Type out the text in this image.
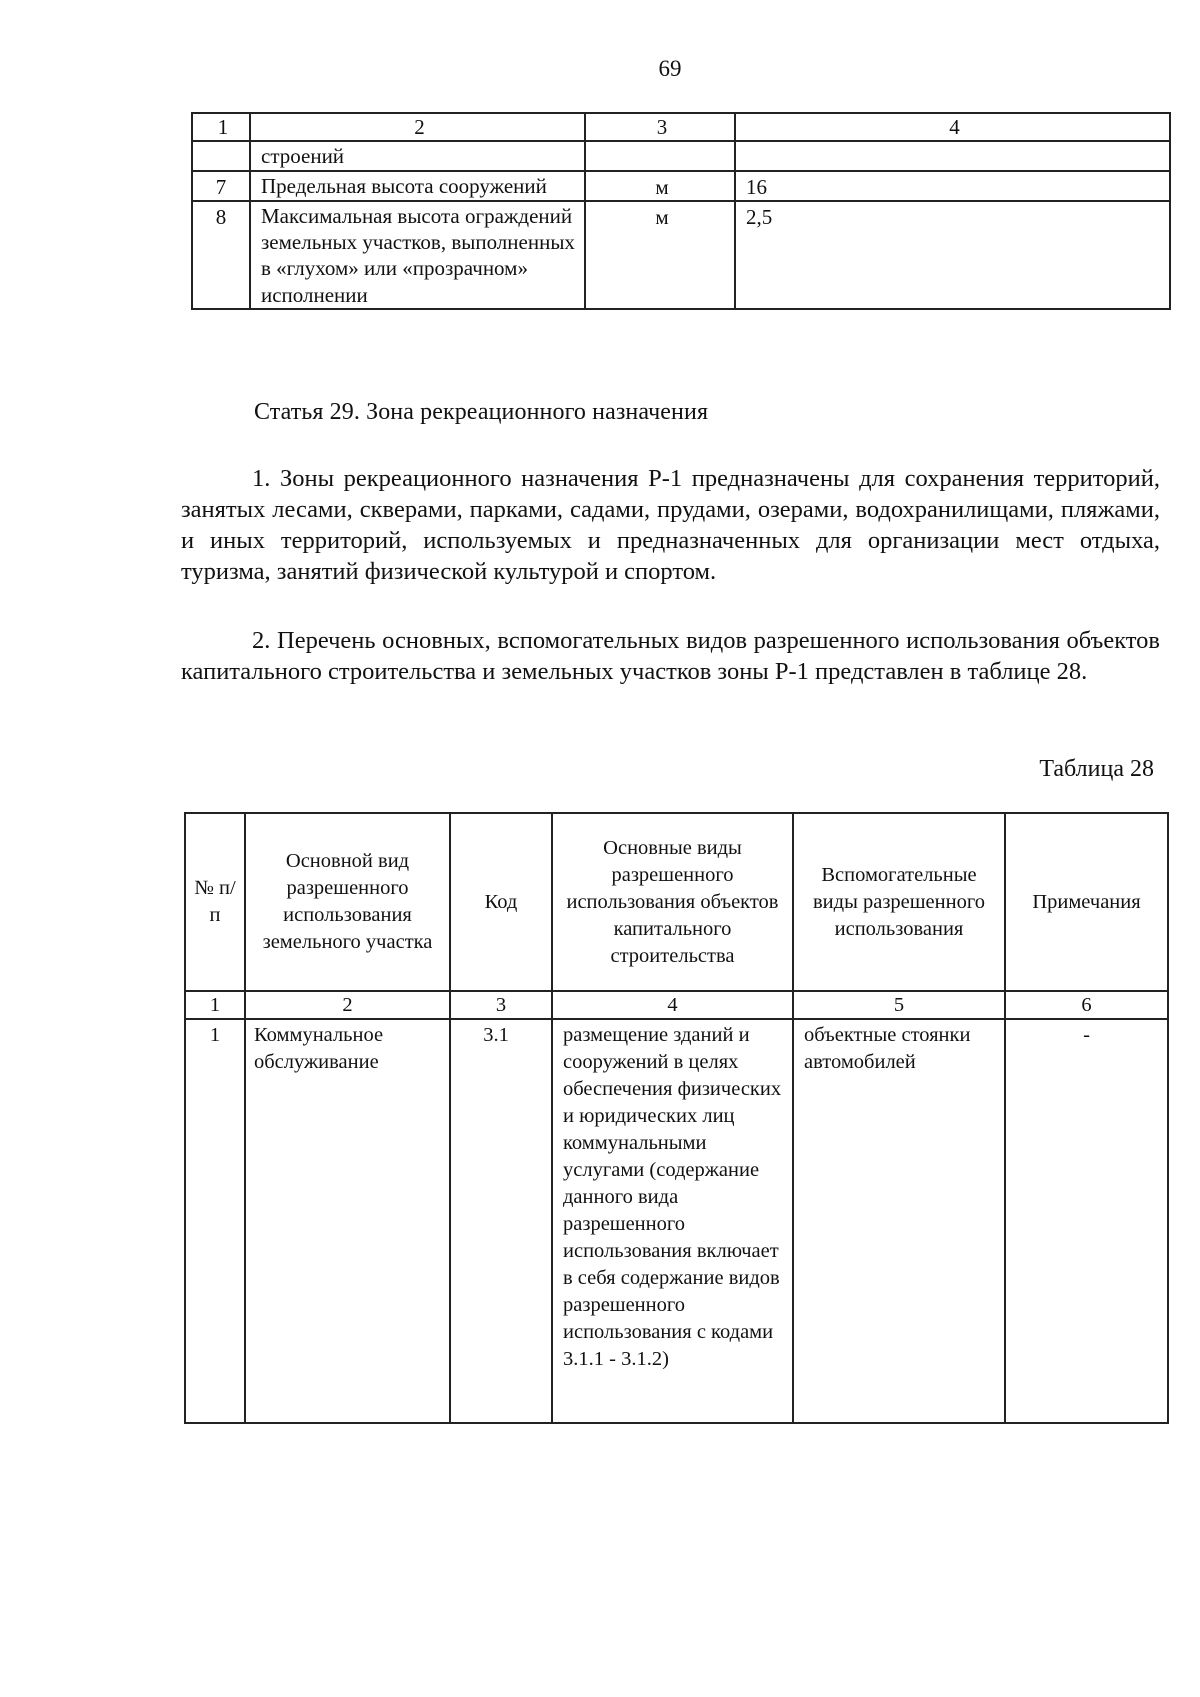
69
1	2	3	4
	строений		
7	Предельная высота сооружений	м	16
8	Максимальная высота ограждений земельных участков, выполненных в «глухом» или «прозрачном» исполнении	м	2,5
Статья 29. Зона рекреационного назначения

1. Зоны рекреационного назначения Р-1 предназначены для сохранения территорий, занятых лесами, скверами, парками, садами, прудами, озерами, водохранилищами, пляжами, и иных территорий, используемых и предназначенных для организации мест отдыха, туризма, занятий физической культурой и спортом.

2. Перечень основных, вспомогательных видов разрешенного использования объектов капитального строительства и земельных участков зоны Р-1 представлен в таблице 28.

Таблица 28
№ п/п	Основной вид разрешенного использования земельного участка	Код	Основные виды разрешенного использования объектов капитального строительства	Вспомогательные виды разрешенного использования	Примечания
1	2	3	4	5	6
1	Коммунальное обслуживание	3.1	размещение зданий и сооружений в целях обеспечения физических и юридических лиц коммунальными услугами (содержание данного вида разрешенного использования включает в себя содержание видов разрешенного использования с кодами 3.1.1 - 3.1.2)	объектные стоянки автомобилей	-
